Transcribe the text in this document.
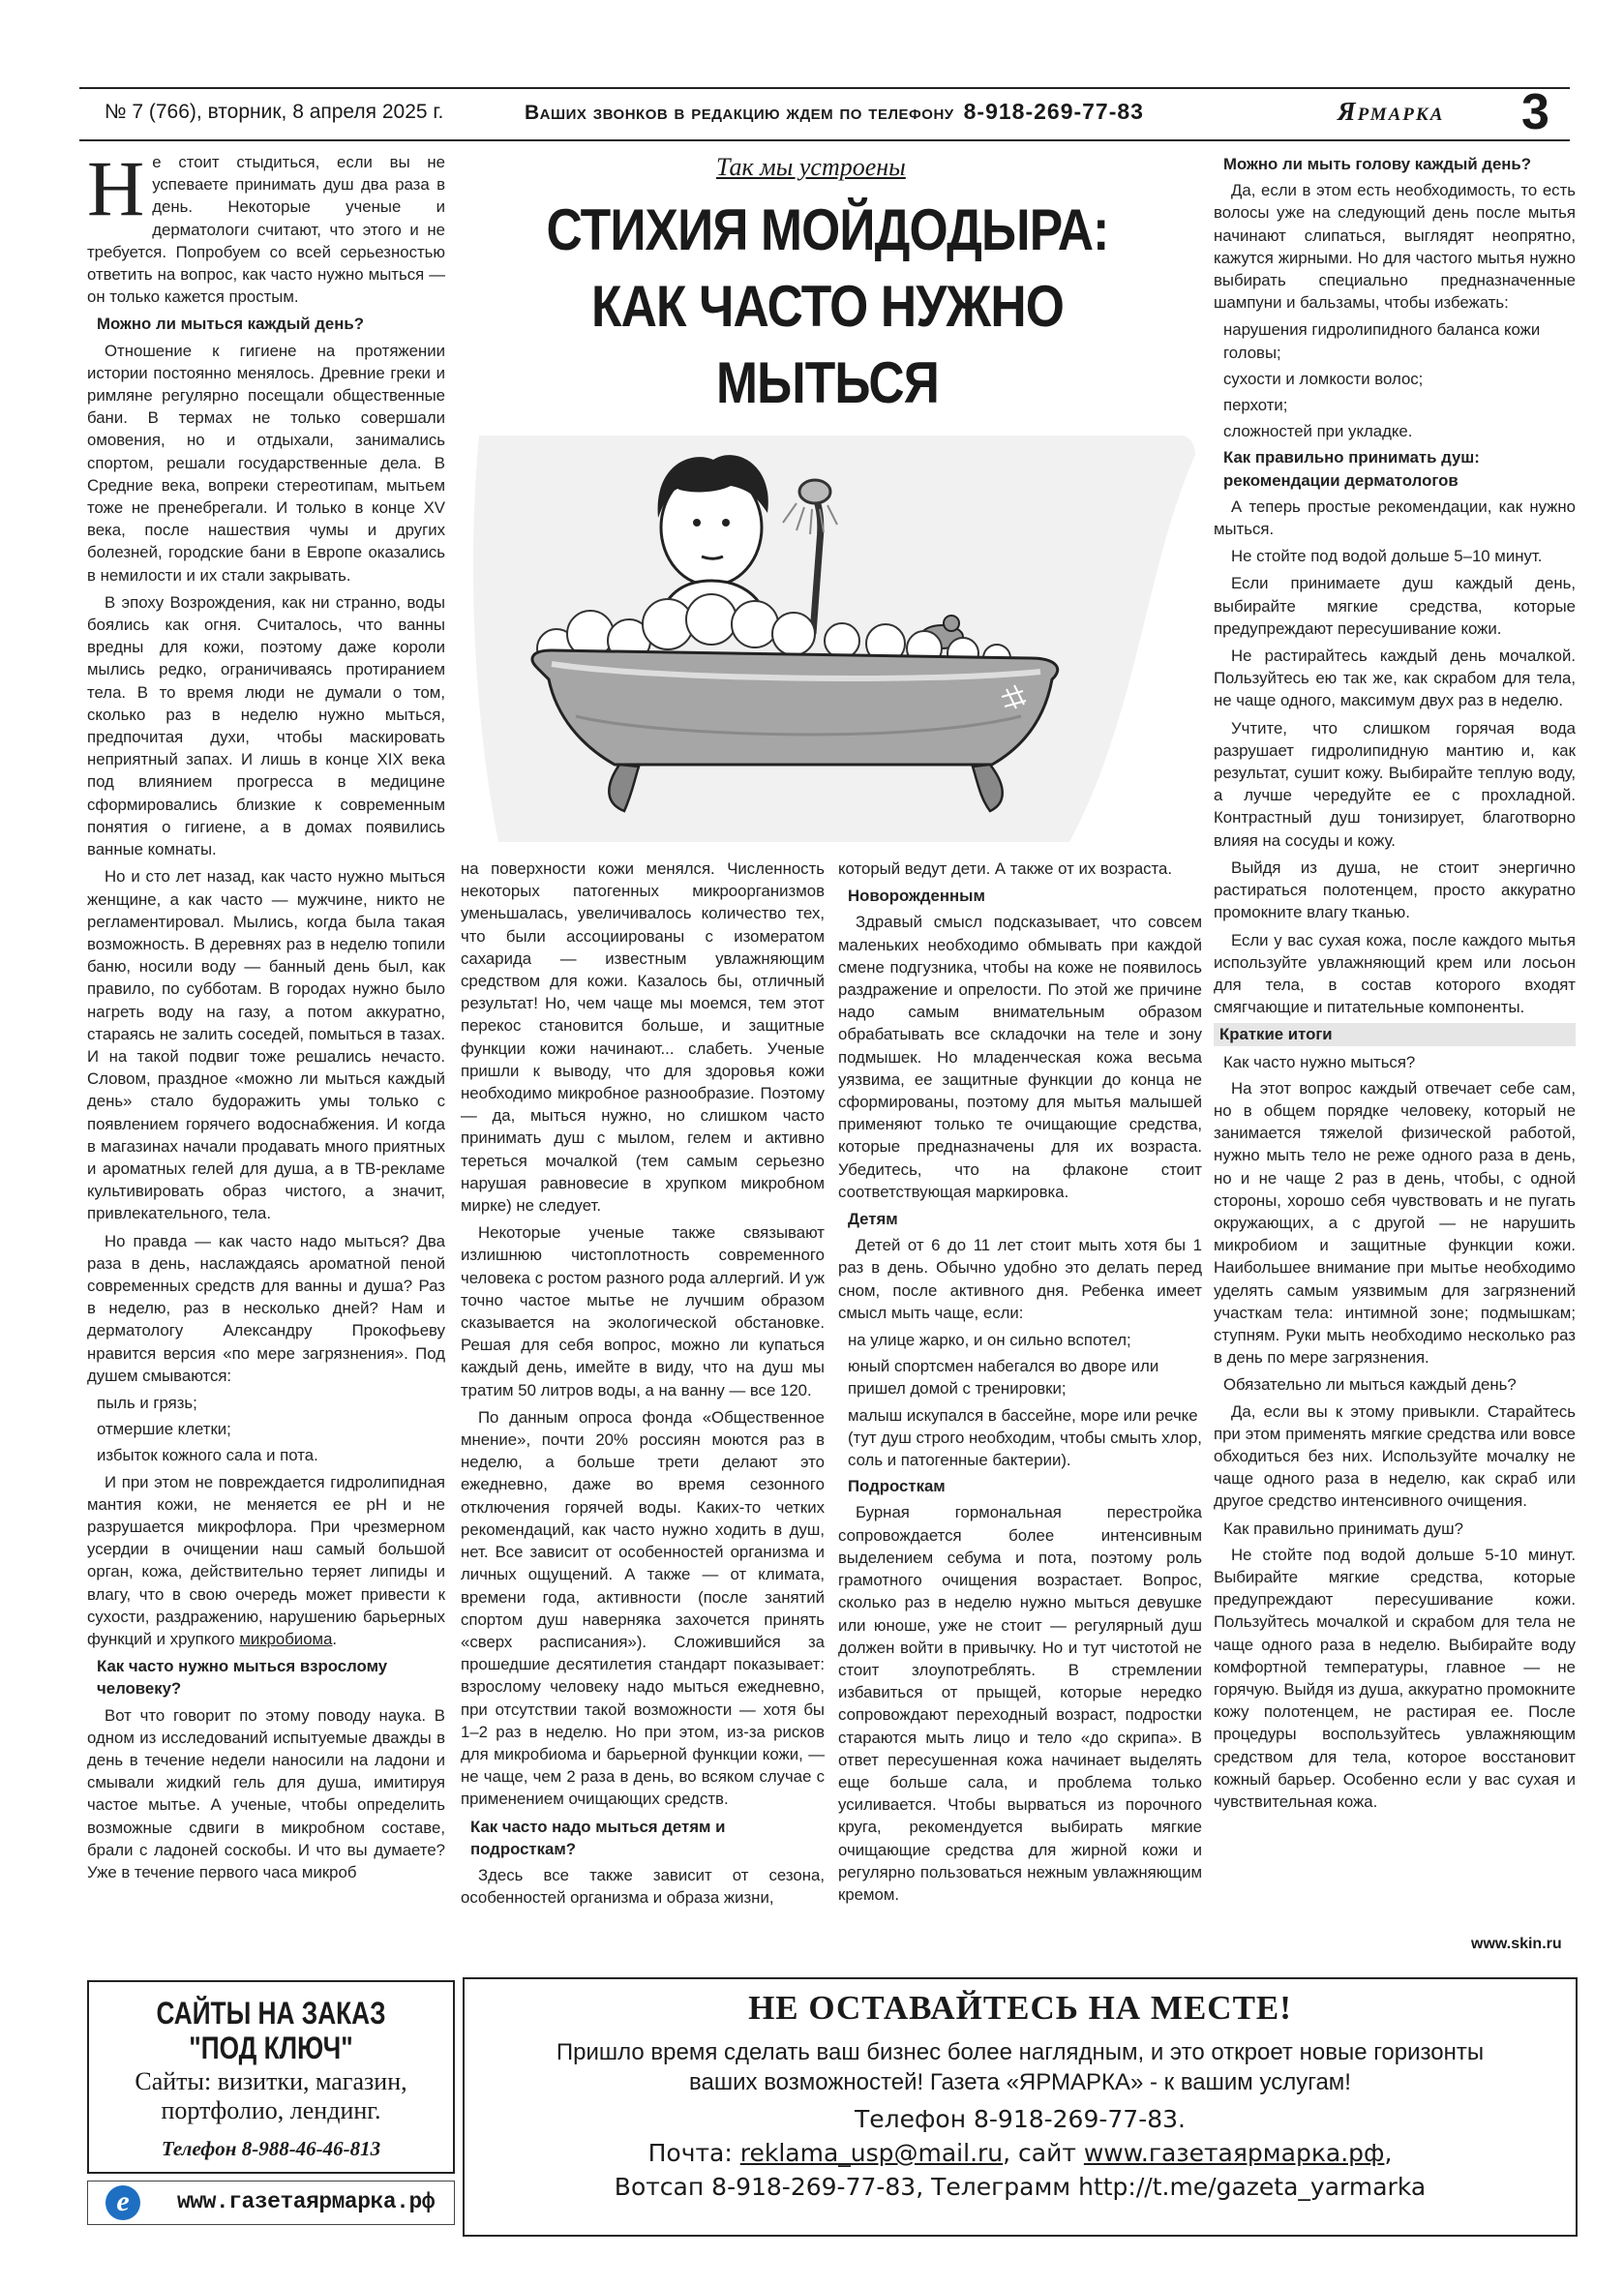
№ 7 (766), вторник, 8 апреля 2025 г.	Ваших звонков в редакцию ждем по телефону 8-918-269-77-83	Ярмарка 3

Не стоит стыдиться, если вы не успеваете принимать душ два раза в день. Некоторые ученые и дерматологи считают, что этого и не требуется. Попробуем со всей серьезностью ответить на вопрос, как часто нужно мыться — он только кажется простым.

Можно ли мыться каждый день?

Отношение к гигиене на протяжении истории постоянно менялось. Древние греки и римляне регулярно посещали общественные бани. В термах не только совершали омовения, но и отдыхали, занимались спортом, решали государственные дела. В Средние века, вопреки стереотипам, мытьем тоже не пренебрегали. И только в конце XV века, после нашествия чумы и других болезней, городские бани в Европе оказались в немилости и их стали закрывать.

В эпоху Возрождения, как ни странно, воды боялись как огня. Считалось, что ванны вредны для кожи, поэтому даже короли мылись редко, ограничиваясь протиранием тела. В то время люди не думали о том, сколько раз в неделю нужно мыться, предпочитая духи, чтобы маскировать неприятный запах. И лишь в конце XIX века под влиянием прогресса в медицине сформировались близкие к современным понятия о гигиене, а в домах появились ванные комнаты.

Но и сто лет назад, как часто нужно мыться женщине, а как часто — мужчине, никто не регламентировал. Мылись, когда была такая возможность. В деревнях раз в неделю топили баню, носили воду — банный день был, как правило, по субботам. В городах нужно было нагреть воду на газу, а потом аккуратно, стараясь не залить соседей, помыться в тазах. И на такой подвиг тоже решались нечасто. Словом, праздное «можно ли мыться каждый день» стало будоражить умы только с появлением горячего водоснабжения. И когда в магазинах начали продавать много приятных и ароматных гелей для душа, а в ТВ-рекламе культивировать образ чистого, а значит, привлекательного, тела.

Но правда — как часто надо мыться? Два раза в день, наслаждаясь ароматной пеной современных средств для ванны и душа? Раз в неделю, раз в несколько дней? Нам и дерматологу Александру Прокофьеву нравится версия «по мере загрязнения». Под душем смываются:

пыль и грязь;
отмершие клетки;
избыток кожного сала и пота.

И при этом не повреждается гидролипидная мантия кожи, не меняется ее pH и не разрушается микрофлора. При чрезмерном усердии в очищении наш самый большой орган, кожа, действительно теряет липиды и влагу, что в свою очередь может привести к сухости, раздражению, нарушению барьерных функций и хрупкого микробиома.

Как часто нужно мыться взрослому человеку?

Вот что говорит по этому поводу наука. В одном из исследований испытуемые дважды в день в течение недели наносили на ладони и смывали жидкий гель для душа, имитируя частое мытье. А ученые, чтобы определить возможные сдвиги в микробном составе, брали с ладоней соскобы. И что вы думаете? Уже в течение первого часа микроб

Так мы устроены
СТИХИЯ МОЙДОДЫРА:
КАК ЧАСТО НУЖНО
МЫТЬСЯ

на поверхности кожи менялся. Численность некоторых патогенных микроорганизмов уменьшалась, увеличивалось количество тех, что были ассоциированы с изомератом сахарида — известным увлажняющим средством для кожи. Казалось бы, отличный результат! Но, чем чаще мы моемся, тем этот перекос становится больше, и защитные функции кожи начинают... слабеть. Ученые пришли к выводу, что для здоровья кожи необходимо микробное разнообразие. Поэтому — да, мыться нужно, но слишком часто принимать душ с мылом, гелем и активно тереться мочалкой (тем самым серьезно нарушая равновесие в хрупком микробном мирке) не следует.

Некоторые ученые также связывают излишнюю чистоплотность современного человека с ростом разного рода аллергий. И уж точно частое мытье не лучшим образом сказывается на экологической обстановке. Решая для себя вопрос, можно ли купаться каждый день, имейте в виду, что на душ мы тратим 50 литров воды, а на ванну — все 120.

По данным опроса фонда «Общественное мнение», почти 20% россиян моются раз в неделю, а больше трети делают это ежедневно, даже во время сезонного отключения горячей воды. Каких-то четких рекомендаций, как часто нужно ходить в душ, нет. Все зависит от особенностей организма и личных ощущений. А также — от климата, времени года, активности (после занятий спортом душ наверняка захочется принять «сверх расписания»). Сложившийся за прошедшие десятилетия стандарт показывает: взрослому человеку надо мыться ежедневно, при отсутствии такой возможности — хотя бы 1–2 раз в неделю. Но при этом, из-за рисков для микробиома и барьерной функции кожи, — не чаще, чем 2 раза в день, во всяком случае с применением очищающих средств.

Как часто надо мыться детям и подросткам?

Здесь все также зависит от сезона, особенностей организма и образа жизни,

который ведут дети. А также от их возраста.

Новорожденным

Здравый смысл подсказывает, что совсем маленьких необходимо обмывать при каждой смене подгузника, чтобы на коже не появилось раздражение и опрелости. По этой же причине надо самым внимательным образом обрабатывать все складочки на теле и зону подмышек. Но младенческая кожа весьма уязвима, ее защитные функции до конца не сформированы, поэтому для мытья малышей применяют только те очищающие средства, которые предназначены для их возраста. Убедитесь, что на флаконе стоит соответствующая маркировка.

Детям

Детей от 6 до 11 лет стоит мыть хотя бы 1 раз в день. Обычно удобно это делать перед сном, после активного дня. Ребенка имеет смысл мыть чаще, если:

на улице жарко, и он сильно вспотел;
юный спортсмен набегался во дворе или пришел домой с тренировки;
малыш искупался в бассейне, море или речке (тут душ строго необходим, чтобы смыть хлор, соль и патогенные бактерии).
Подросткам

Бурная гормональная перестройка сопровождается более интенсивным выделением себума и пота, поэтому роль грамотного очищения возрастает. Вопрос, сколько раз в неделю нужно мыться девушке или юноше, уже не стоит — регулярный душ должен войти в привычку. Но и тут чистотой не стоит злоупотреблять. В стремлении избавиться от прыщей, которые нередко сопровождают переходный возраст, подростки стараются мыть лицо и тело «до скрипа». В ответ пересушенная кожа начинает выделять еще больше сала, и проблема только усиливается. Чтобы вырваться из порочного круга, рекомендуется выбирать мягкие очищающие средства для жирной кожи и регулярно пользоваться нежным увлажняющим кремом.

Можно ли мыть голову каждый день?

Да, если в этом есть необходимость, то есть волосы уже на следующий день после мытья начинают слипаться, выглядят неопрятно, кажутся жирными. Но для частого мытья нужно выбирать специально предназначенные шампуни и бальзамы, чтобы избежать:

нарушения гидролипидного баланса кожи головы;
сухости и ломкости волос;
перхоти;
сложностей при укладке.
Как правильно принимать душ: рекомендации дерматологов

А теперь простые рекомендации, как нужно мыться.

Не стойте под водой дольше 5–10 минут.

Если принимаете душ каждый день, выбирайте мягкие средства, которые предупреждают пересушивание кожи.

Не растирайтесь каждый день мочалкой. Пользуйтесь ею так же, как скрабом для тела, не чаще одного, максимум двух раз в неделю.

Учтите, что слишком горячая вода разрушает гидролипидную мантию и, как результат, сушит кожу. Выбирайте теплую воду, а лучше чередуйте ее с прохладной. Контрастный душ тонизирует, благотворно влияя на сосуды и кожу.

Выйдя из душа, не стоит энергично растираться полотенцем, просто аккуратно промокните влагу тканью.

Если у вас сухая кожа, после каждого мытья используйте увлажняющий крем или лосьон для тела, в состав которого входят смягчающие и питательные компоненты.

Краткие итоги
Как часто нужно мыться?

На этот вопрос каждый отвечает себе сам, но в общем порядке человеку, который не занимается тяжелой физической работой, нужно мыть тело не реже одного раза в день, но и не чаще 2 раз в день, чтобы, с одной стороны, хорошо себя чувствовать и не пугать окружающих, а с другой — не нарушить микробиом и защитные функции кожи. Наибольшее внимание при мытье необходимо уделять самым уязвимым для загрязнений участкам тела: интимной зоне; подмышкам; ступням. Руки мыть необходимо несколько раз в день по мере загрязнения.

Обязательно ли мыться каждый день?

Да, если вы к этому привыкли. Старайтесь при этом применять мягкие средства или вовсе обходиться без них. Используйте мочалку не чаще одного раза в неделю, как скраб или другое средство интенсивного очищения.

Как правильно принимать душ?

Не стойте под водой дольше 5-10 минут. Выбирайте мягкие средства, которые предупреждают пересушивание кожи. Пользуйтесь мочалкой и скрабом для тела не чаще одного раза в неделю. Выбирайте воду комфортной температуры, главное — не горячую. Выйдя из душа, аккуратно промокните кожу полотенцем, не растирая ее. После процедуры воспользуйтесь увлажняющим средством для тела, которое восстановит кожный барьер. Особенно если у вас сухая и чувствительная кожа.

www.skin.ru
САЙТЫ НА ЗАКАЗ
"ПОД КЛЮЧ"
Сайты: визитки, магазин, портфолио, лендинг.
Телефон 8-988-46-46-813
e	www.газетаярмарка.рф
НЕ ОСТАВАЙТЕСЬ НА МЕСТЕ!
Пришло время сделать ваш бизнес более наглядным, и это откроет новые горизонты ваших возможностей! Газета «ЯРМАРКА» - к вашим услугам!
Телефон 8-918-269-77-83.
Почта: reklama_usp@mail.ru, сайт www.газетаярмарка.рф,
Вотсап 8-918-269-77-83, Телеграмм http://t.me/gazeta_yarmarka
